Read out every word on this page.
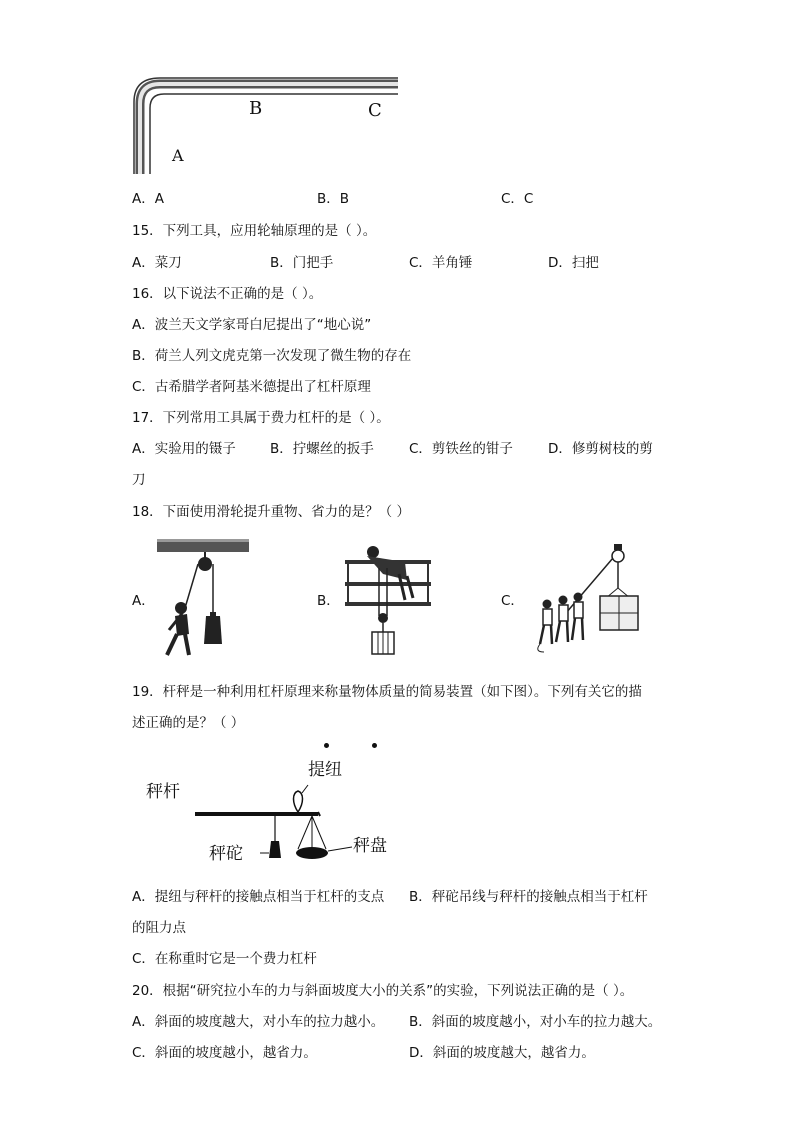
B	C
A
A．A	B．B	C．C
15．下列工具，应用轮轴原理的是（ ）。
A．菜刀	B．门把手	C．羊角锤	D．扫把
16．以下说法不正确的是（ ）。
A．波兰天文学家哥白尼提出了“地心说”
B．荷兰人列文虎克第一次发现了微生物的存在
C．古希腊学者阿基米德提出了杠杆原理
17．下列常用工具属于费力杠杆的是（ ）。
A．实验用的镊子	B．拧螺丝的扳手	C．剪铁丝的钳子	D．修剪树枝的剪
刀
18．下面使用滑轮提升重物、省力的是？（ ）
A．	B．	C．
19．杆秤是一种利用杠杆原理来称量物体质量的简易装置（如下图）。下列有关它的描
述正确的是？（ ）
提纽
秤杆
秤砣	秤盘
A．提纽与秤杆的接触点相当于杠杆的支点 B．秤砣吊线与秤杆的接触点相当于杠杆
的阻力点
C．在称重时它是一个费力杠杆
20．根据“研究拉小车的力与斜面坡度大小的关系”的实验，下列说法正确的是（ ）。
A．斜面的坡度越大，对小车的拉力越小。 B．斜面的坡度越小，对小车的拉力越大。
C．斜面的坡度越小，越省力。	D．斜面的坡度越大，越省力。
